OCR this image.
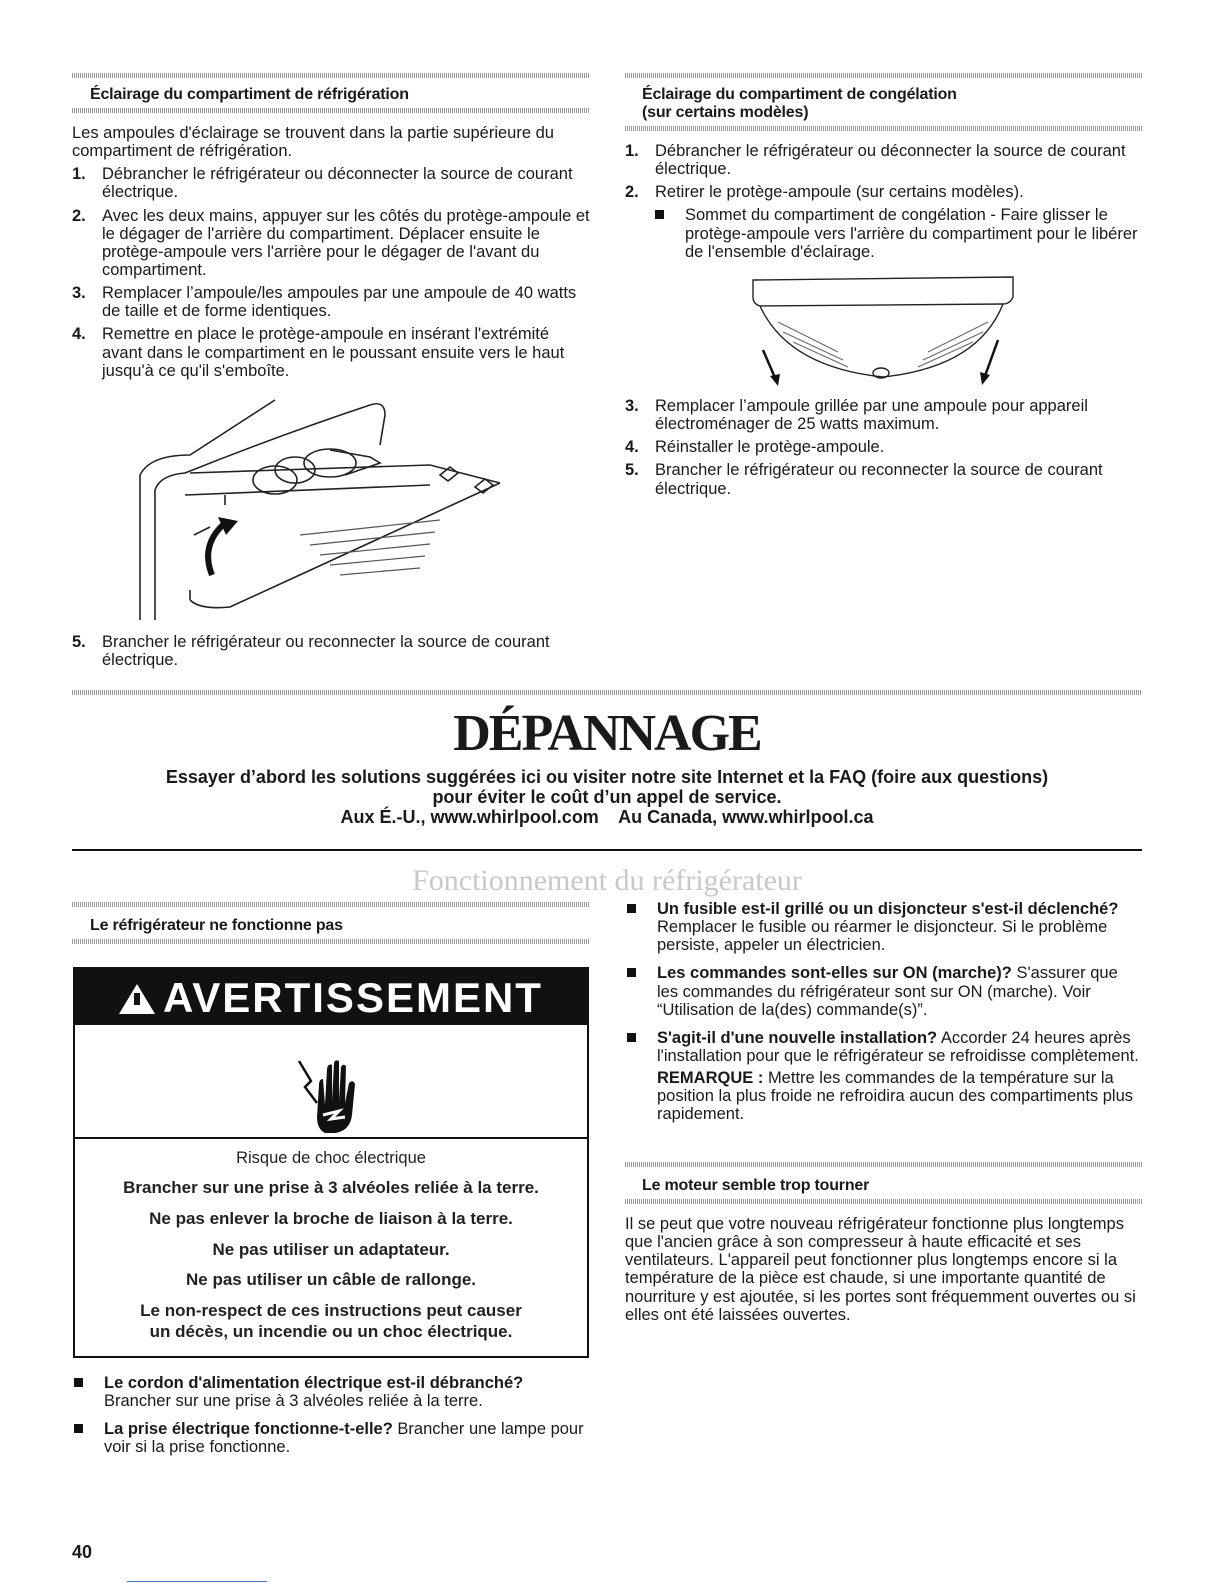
Éclairage du compartiment de réfrigération

Les ampoules d'éclairage se trouvent dans la partie supérieure du compartiment de réfrigération.

1. Débrancher le réfrigérateur ou déconnecter la source de courant électrique.
2. Avec les deux mains, appuyer sur les côtés du protège-ampoule et le dégager de l'arrière du compartiment. Déplacer ensuite le protège-ampoule vers l'arrière pour le dégager de l'avant du compartiment.
3. Remplacer l’ampoule/les ampoules par une ampoule de 40 watts de taille et de forme identiques.
4. Remettre en place le protège-ampoule en insérant l'extrémité avant dans le compartiment en le poussant ensuite vers le haut jusqu'à ce qu'il s'emboîte.
5. Brancher le réfrigérateur ou reconnecter la source de courant électrique.
Éclairage du compartiment de congélation
(sur certains modèles)
1. Débrancher le réfrigérateur ou déconnecter la source de courant électrique.
2. Retirer le protège-ampoule (sur certains modèles).
Sommet du compartiment de congélation - Faire glisser le protège-ampoule vers l'arrière du compartiment pour le libérer de l'ensemble d'éclairage.
3. Remplacer l’ampoule grillée par une ampoule pour appareil électroménager de 25 watts maximum.
4. Réinstaller le protège-ampoule.
5. Brancher le réfrigérateur ou reconnecter la source de courant électrique.
DÉPANNAGE
Essayer d’abord les solutions suggérées ici ou visiter notre site Internet et la FAQ (foire aux questions)
pour éviter le coût d’un appel de service.
Aux É.-U., www.whirlpool.com    Au Canada, www.whirlpool.ca
Fonctionnement du réfrigérateur
Le réfrigérateur ne fonctionne pas
AVERTISSEMENT
Risque de choc électrique
Brancher sur une prise à 3 alvéoles reliée à la terre.
Ne pas enlever la broche de liaison à la terre.
Ne pas utiliser un adaptateur.
Ne pas utiliser un câble de rallonge.
Le non-respect de ces instructions peut causer
un décès, un incendie ou un choc électrique.
Le cordon d'alimentation électrique est-il débranché?
Brancher sur une prise à 3 alvéoles reliée à la terre.
La prise électrique fonctionne-t-elle? Brancher une lampe pour voir si la prise fonctionne.
Un fusible est-il grillé ou un disjoncteur s'est-il déclenché? Remplacer le fusible ou réarmer le disjoncteur. Si le problème persiste, appeler un électricien.
Les commandes sont-elles sur ON (marche)? S'assurer que les commandes du réfrigérateur sont sur ON (marche). Voir “Utilisation de la(des) commande(s)”.
S'agit-il d'une nouvelle installation? Accorder 24 heures après l'installation pour que le réfrigérateur se refroidisse complètement.

REMARQUE : Mettre les commandes de la température sur la position la plus froide ne refroidira aucun des compartiments plus rapidement.

Le moteur semble trop tourner

Il se peut que votre nouveau réfrigérateur fonctionne plus longtemps que l'ancien grâce à son compresseur à haute efficacité et ses ventilateurs. L'appareil peut fonctionner plus longtemps encore si la température de la pièce est chaude, si une importante quantité de nourriture y est ajoutée, si les portes sont fréquemment ouvertes ou si elles ont été laissées ouvertes.

40
